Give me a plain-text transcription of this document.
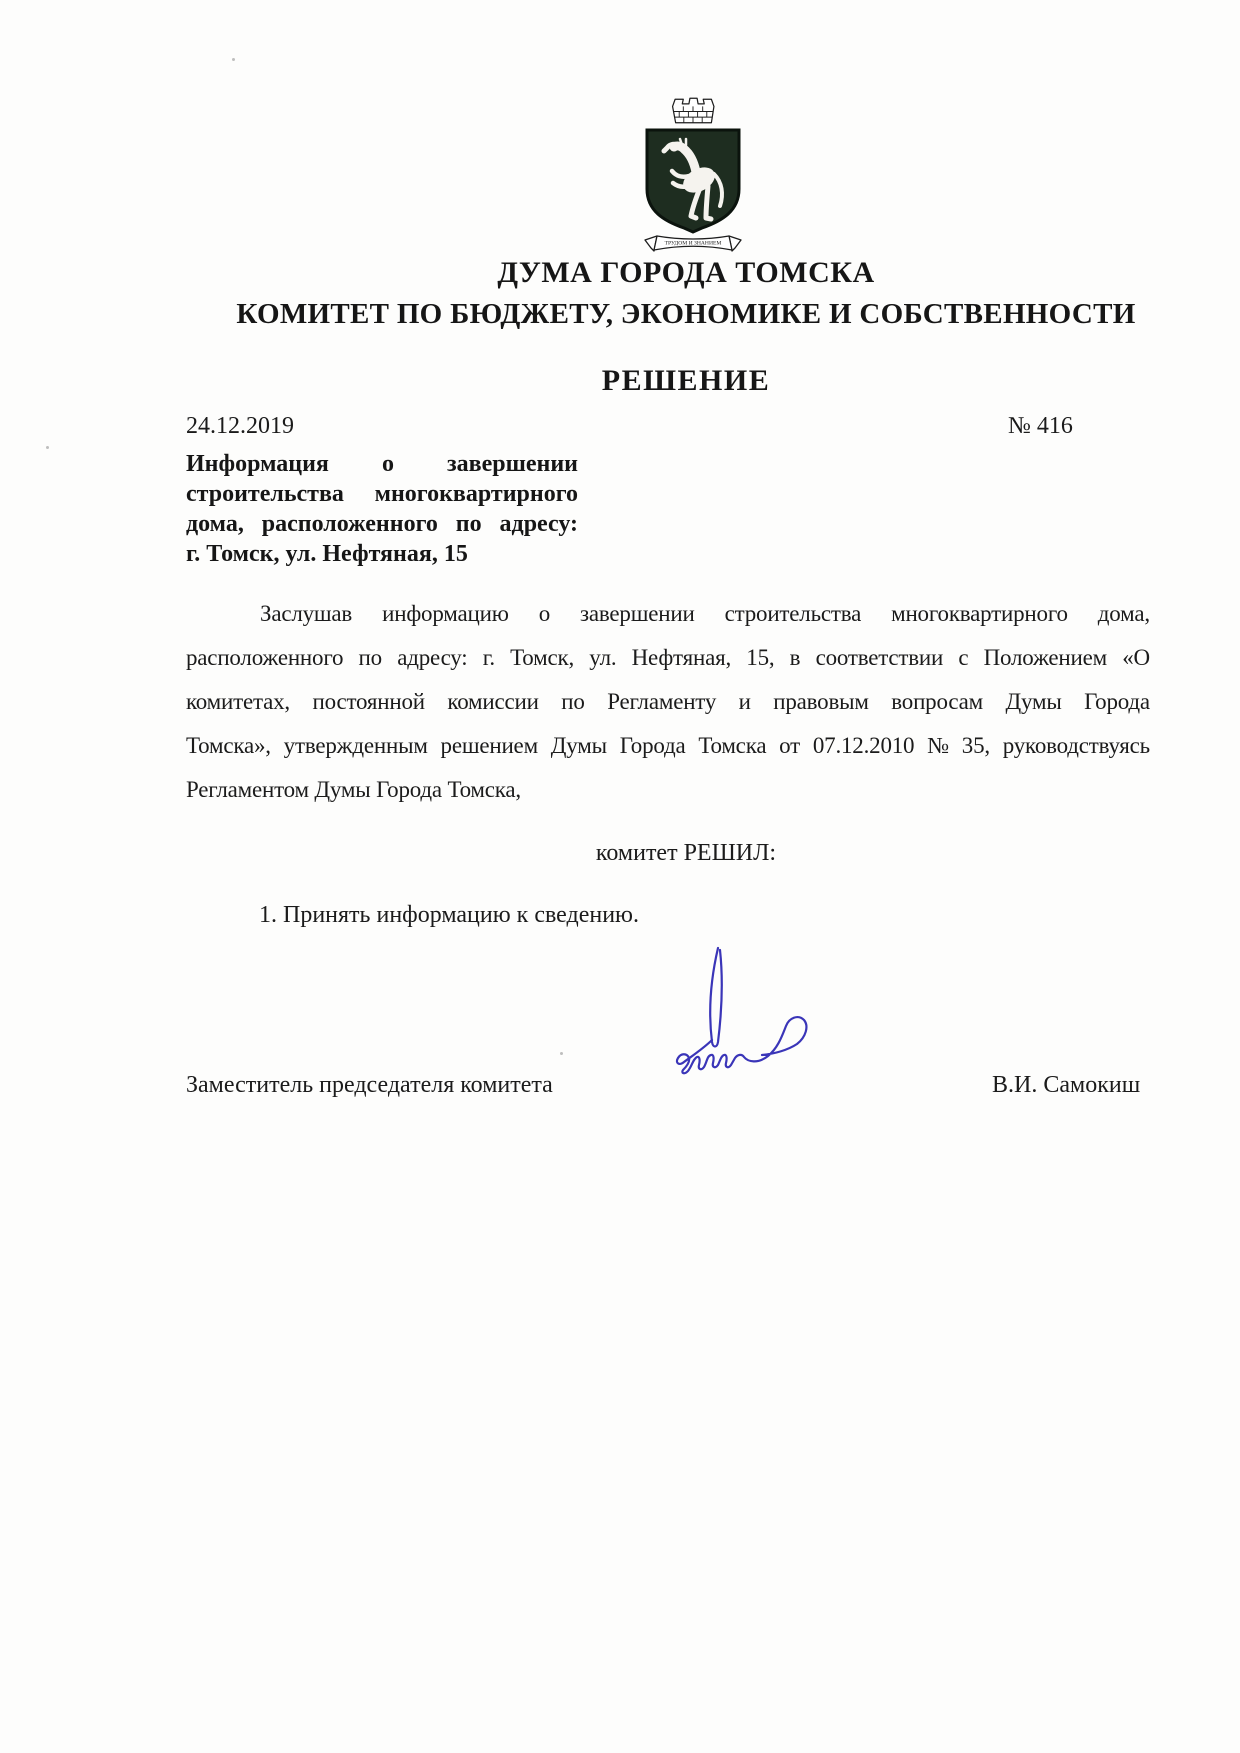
ТРУДОМ И ЗНАНИЕМ
ДУМА ГОРОДА ТОМСКА
КОМИТЕТ ПО БЮДЖЕТУ, ЭКОНОМИКЕ И СОБСТВЕННОСТИ
РЕШЕНИЕ
24.12.2019	№ 416
Информация о завершении
строительства многоквартирного
дома, расположенного по адресу:
г. Томск, ул. Нефтяная, 15
Заслушав информацию о завершении строительства многоквартирного дома,
расположенного по адресу: г. Томск, ул. Нефтяная, 15, в соответствии с Положением «О
комитетах, постоянной комиссии по Регламенту и правовым вопросам Думы Города
Томска», утвержденным решением Думы Города Томска от 07.12.2010 № 35, руководствуясь
Регламентом Думы Города Томска,
комитет РЕШИЛ:
1. Принять информацию к сведению.
Заместитель председателя комитета	В.И. Самокиш
